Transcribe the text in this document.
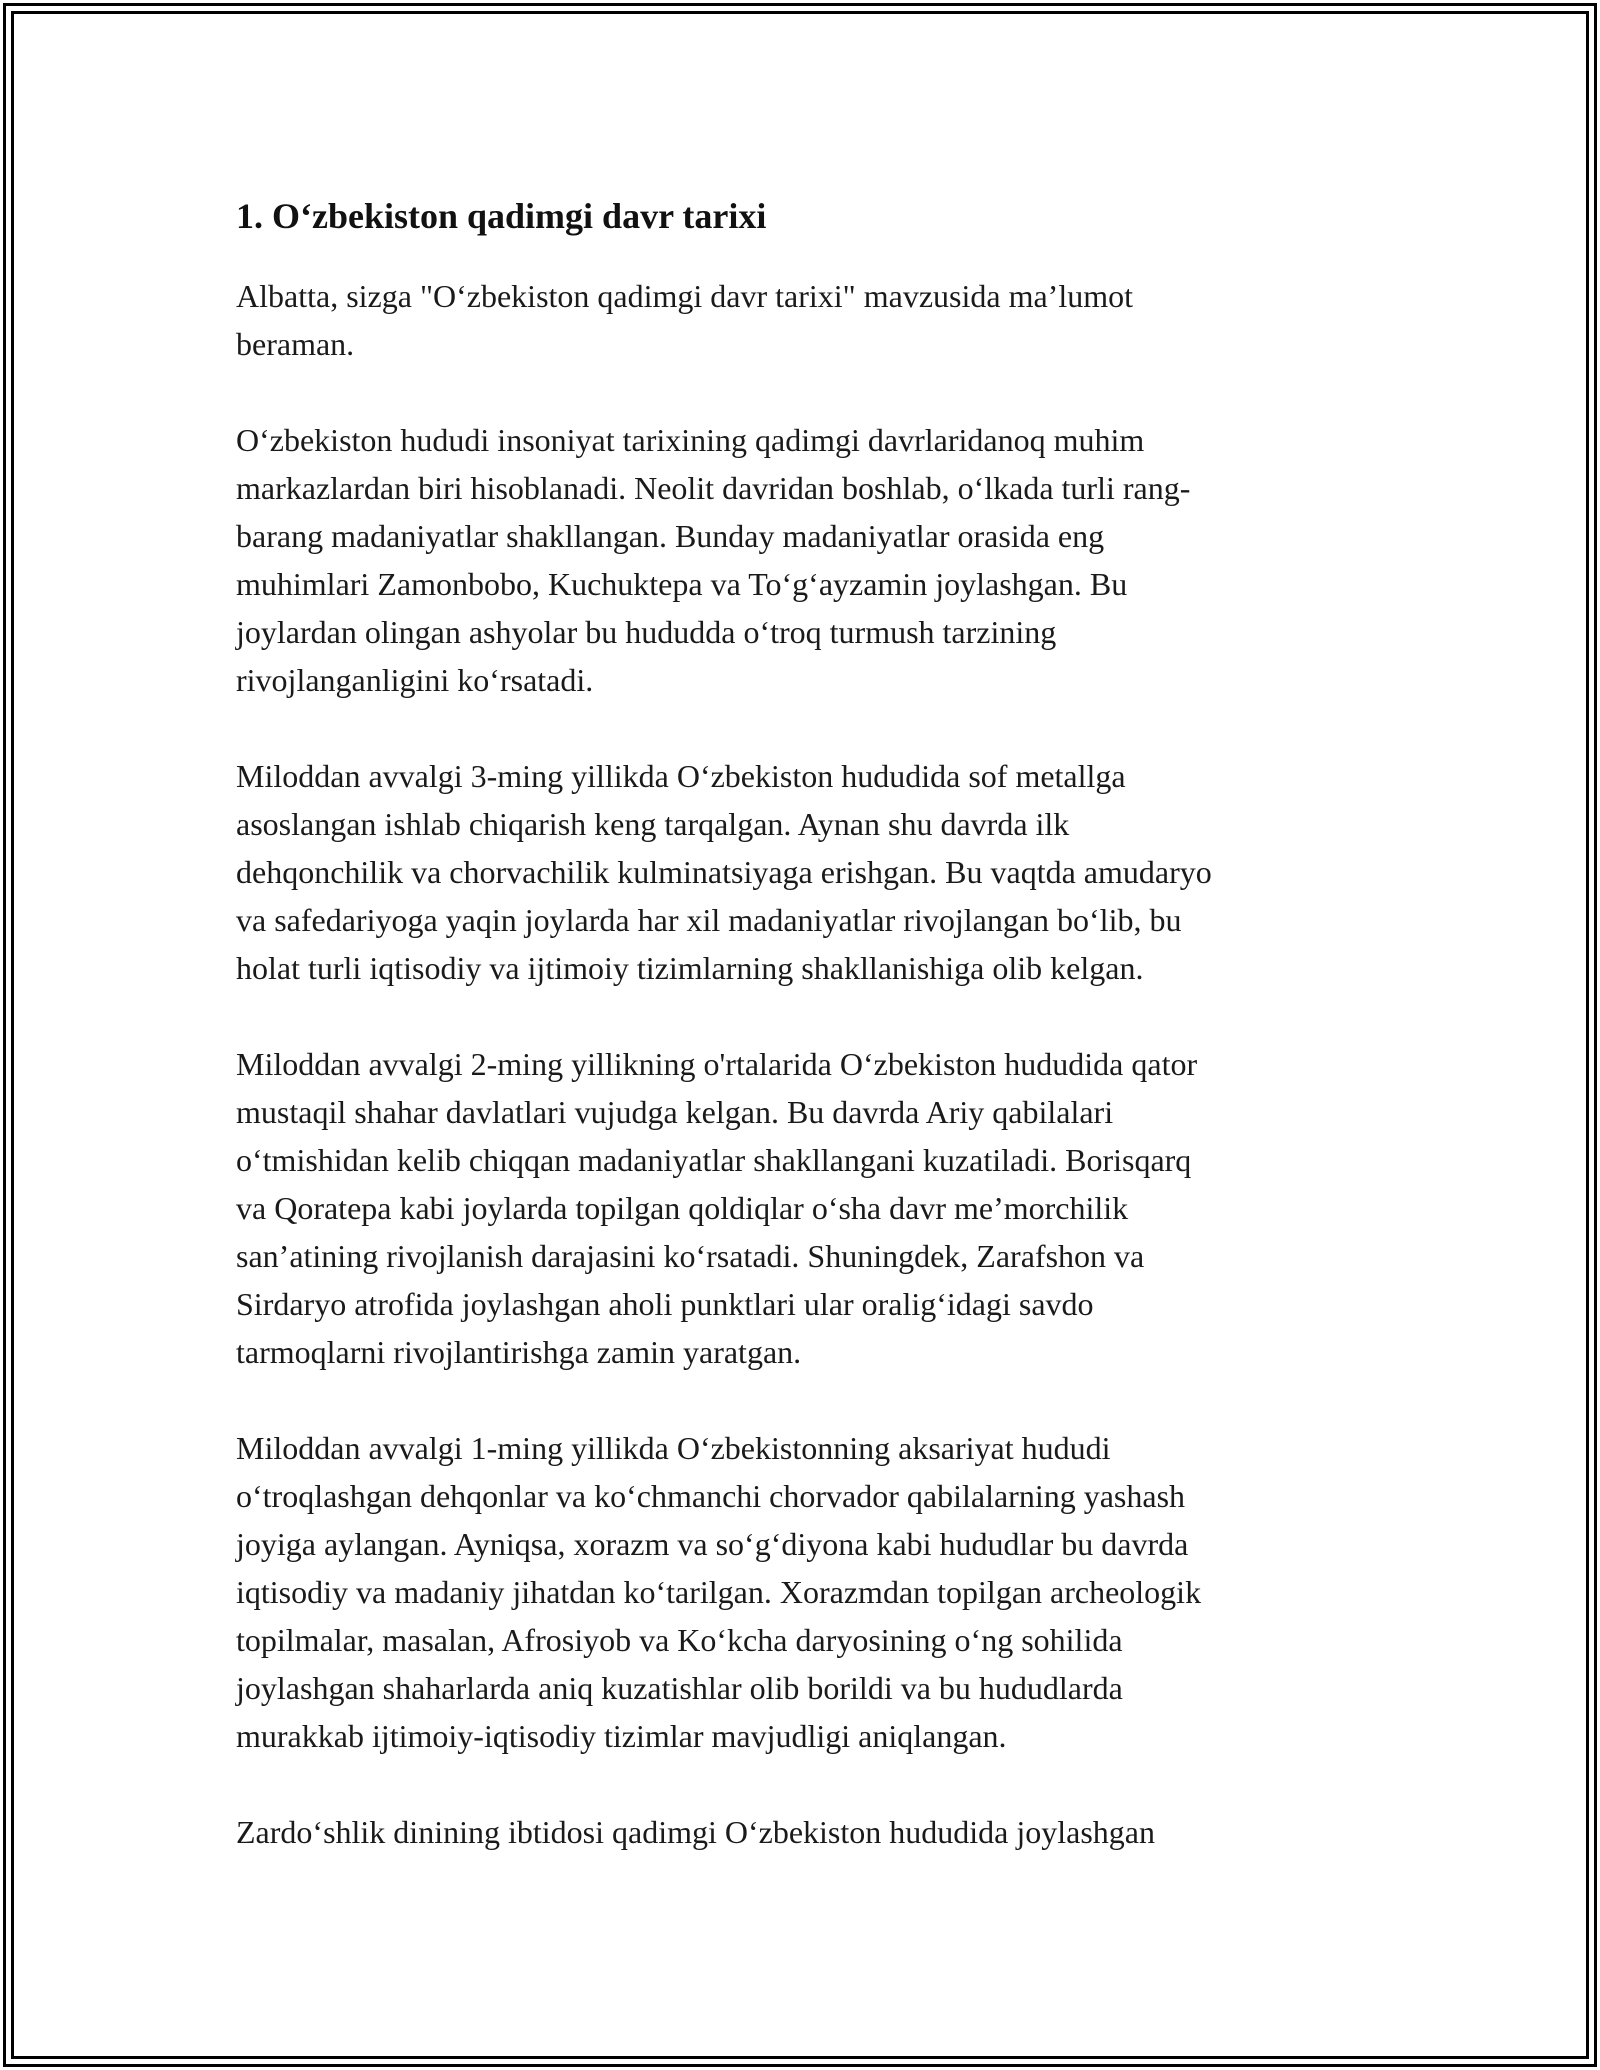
1. O‘zbekiston qadimgi davr tarixi

Albatta, sizga "O‘zbekiston qadimgi davr tarixi" mavzusida ma’lumot
beraman.

O‘zbekiston hududi insoniyat tarixining qadimgi davrlaridanoq muhim
markazlardan biri hisoblanadi. Neolit davridan boshlab, o‘lkada turli rang-
barang madaniyatlar shakllangan. Bunday madaniyatlar orasida eng
muhimlari Zamonbobo, Kuchuktepa va To‘g‘ayzamin joylashgan. Bu
joylardan olingan ashyolar bu hududda o‘troq turmush tarzining
rivojlanganligini ko‘rsatadi.

Miloddan avvalgi 3-ming yillikda O‘zbekiston hududida sof metallga
asoslangan ishlab chiqarish keng tarqalgan. Aynan shu davrda ilk
dehqonchilik va chorvachilik kulminatsiyaga erishgan. Bu vaqtda amudaryo
va safedariyoga yaqin joylarda har xil madaniyatlar rivojlangan bo‘lib, bu
holat turli iqtisodiy va ijtimoiy tizimlarning shakllanishiga olib kelgan.

Miloddan avvalgi 2-ming yillikning o'rtalarida O‘zbekiston hududida qator
mustaqil shahar davlatlari vujudga kelgan. Bu davrda Ariy qabilalari
o‘tmishidan kelib chiqqan madaniyatlar shakllangani kuzatiladi. Borisqarq
va Qoratepa kabi joylarda topilgan qoldiqlar o‘sha davr me’morchilik
san’atining rivojlanish darajasini ko‘rsatadi. Shuningdek, Zarafshon va
Sirdaryo atrofida joylashgan aholi punktlari ular oralig‘idagi savdo
tarmoqlarni rivojlantirishga zamin yaratgan.

Miloddan avvalgi 1-ming yillikda O‘zbekistonning aksariyat hududi
o‘troqlashgan dehqonlar va ko‘chmanchi chorvador qabilalarning yashash
joyiga aylangan. Ayniqsa, xorazm va so‘g‘diyona kabi hududlar bu davrda
iqtisodiy va madaniy jihatdan ko‘tarilgan. Xorazmdan topilgan archeologik
topilmalar, masalan, Afrosiyob va Ko‘kcha daryosining o‘ng sohilida
joylashgan shaharlarda aniq kuzatishlar olib borildi va bu hududlarda
murakkab ijtimoiy-iqtisodiy tizimlar mavjudligi aniqlangan.

Zardo‘shlik dinining ibtidosi qadimgi O‘zbekiston hududida joylashgan
